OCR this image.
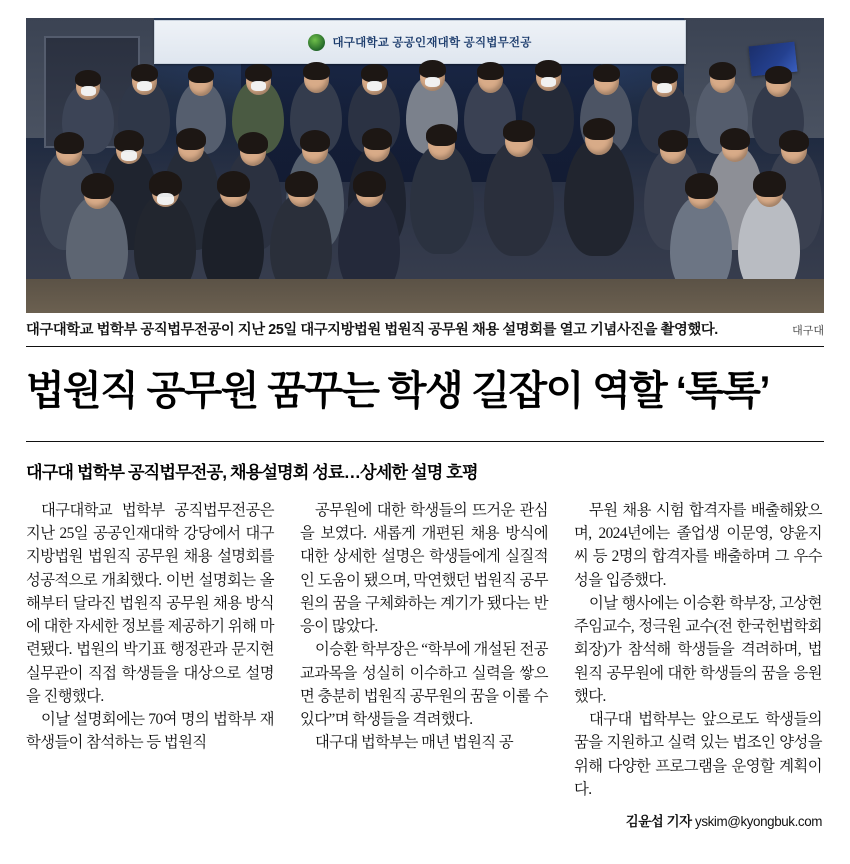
대구대학교 공공인재대학 공직법무전공
대구대학교 법학부 공직법무전공이 지난 25일 대구지방법원 법원직 공무원 채용 설명회를 열고 기념사진을 촬영했다.	대구대
법원직 공무원 꿈꾸는 학생 길잡이 역할 ‘톡톡’
대구대 법학부 공직법무전공, 채용설명회 성료…상세한 설명 호평

대구대학교 법학부 공직법무전공은 지난 25일 공공인재대학 강당에서 대구지방법원 법원직 공무원 채용 설명회를 성공적으로 개최했다. 이번 설명회는 올해부터 달라진 법원직 공무원 채용 방식에 대한 자세한 정보를 제공하기 위해 마련됐다. 법원의 박기표 행정관과 문지현 실무관이 직접 학생들을 대상으로 설명을 진행했다.

이날 설명회에는 70여 명의 법학부 재학생들이 참석하는 등 법원직

공무원에 대한 학생들의 뜨거운 관심을 보였다. 새롭게 개편된 채용 방식에 대한 상세한 설명은 학생들에게 실질적인 도움이 됐으며, 막연했던 법원직 공무원의 꿈을 구체화하는 계기가 됐다는 반응이 많았다.

이승환 학부장은 “학부에 개설된 전공 교과목을 성실히 이수하고 실력을 쌓으면 충분히 법원직 공무원의 꿈을 이룰 수 있다”며 학생들을 격려했다.

대구대 법학부는 매년 법원직 공

무원 채용 시험 합격자를 배출해왔으며, 2024년에는 졸업생 이문영, 양윤지 씨 등 2명의 합격자를 배출하며 그 우수성을 입증했다.

이날 행사에는 이승환 학부장, 고상현 주임교수, 정극원 교수(전 한국헌법학회 회장)가 참석해 학생들을 격려하며, 법원직 공무원에 대한 학생들의 꿈을 응원했다.

대구대 법학부는 앞으로도 학생들의 꿈을 지원하고 실력 있는 법조인 양성을 위해 다양한 프로그램을 운영할 계획이다.

김윤섭 기자 yskim@kyongbuk.com
